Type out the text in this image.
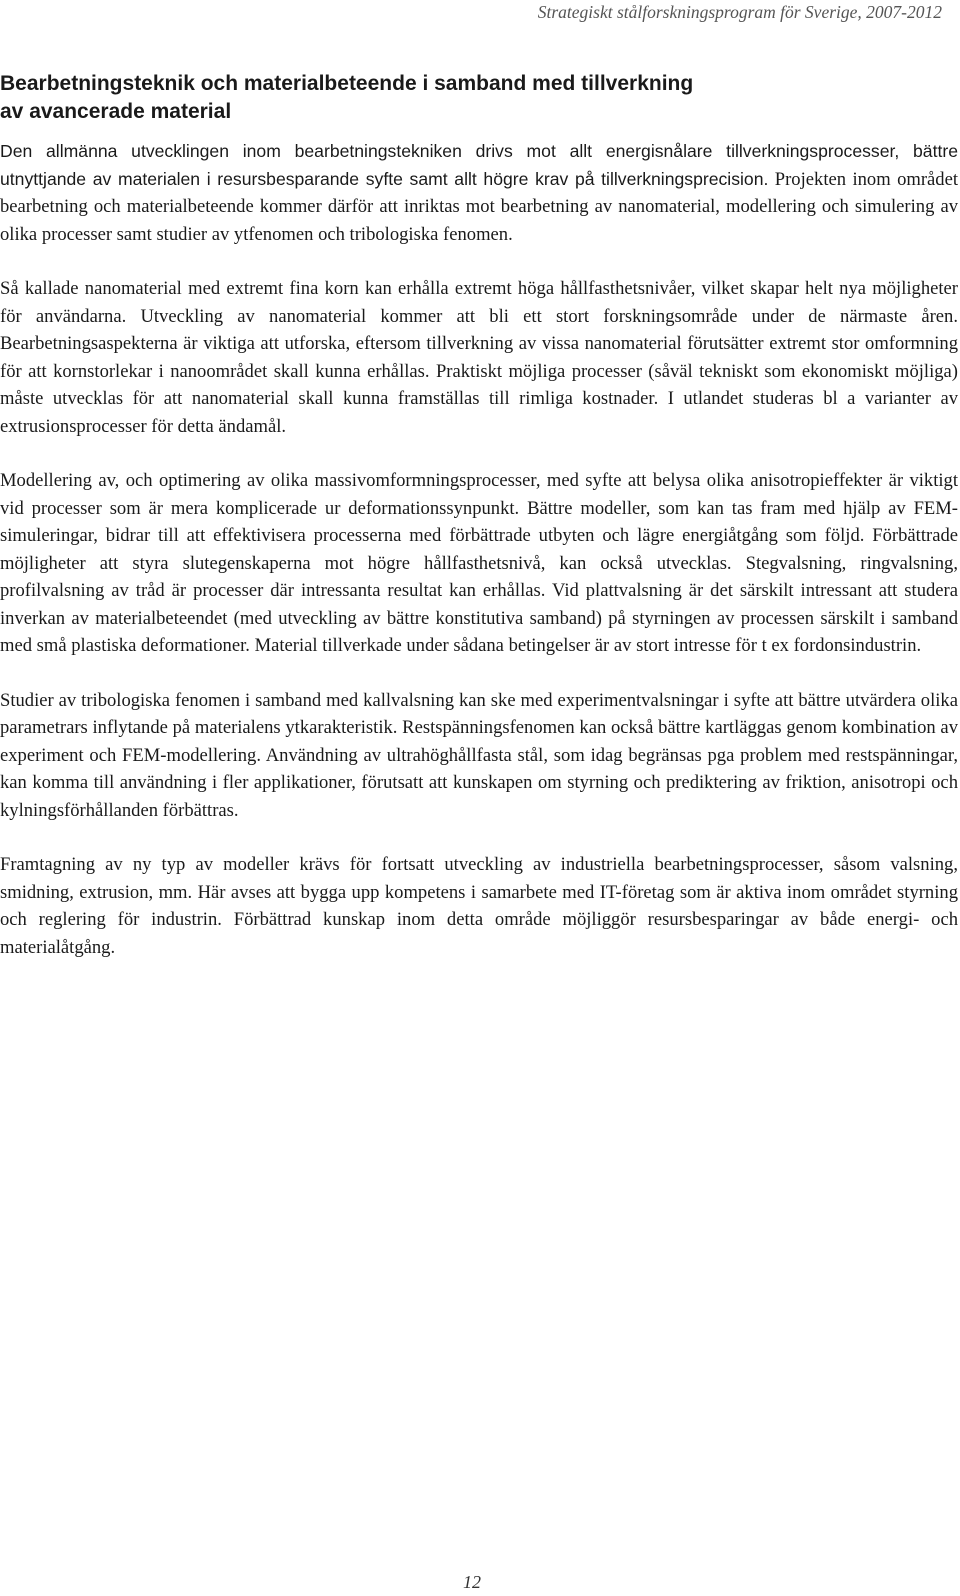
Strategiskt stålforskningsprogram för Sverige, 2007-2012
Bearbetningsteknik och materialbeteende i samband med tillverkning
av avancerade material

Den allmänna utvecklingen inom bearbetningstekniken drivs mot allt energisnålare tillverkningsprocesser, bättre utnyttjande av materialen i resursbesparande syfte samt allt högre krav på tillverkningsprecision. Projekten inom området bearbetning och materialbeteende kommer därför att inriktas mot bearbetning av nanomaterial, modellering och simulering av olika processer samt studier av ytfenomen och tribologiska fenomen.

Så kallade nanomaterial med extremt fina korn kan erhålla extremt höga hållfasthetsnivåer, vilket skapar helt nya möjligheter för användarna. Utveckling av nanomaterial kommer att bli ett stort forskningsområde under de närmaste åren. Bearbetningsaspekterna är viktiga att utforska, eftersom tillverkning av vissa nanomaterial förutsätter extremt stor omformning för att kornstorlekar i nanoområdet skall kunna erhållas. Praktiskt möjliga processer (såväl tekniskt som ekonomiskt möjliga) måste utvecklas för att nanomaterial skall kunna framställas till rimliga kostnader. I utlandet studeras bl a varianter av extrusionsprocesser för detta ändamål.

Modellering av, och optimering av olika massivomformningsprocesser, med syfte att belysa olika anisotropieffekter är viktigt vid processer som är mera komplicerade ur deformationssynpunkt. Bättre modeller, som kan tas fram med hjälp av FEM-simuleringar, bidrar till att effektivisera processerna med förbättrade utbyten och lägre energiåtgång som följd. Förbättrade möjligheter att styra slutegenskaperna mot högre hållfasthetsnivå, kan också utvecklas. Stegvalsning, ringvalsning, profilvalsning av tråd är processer där intressanta resultat kan erhållas. Vid plattvalsning är det särskilt intressant att studera inverkan av materialbeteendet (med utveckling av bättre konstitutiva samband) på styrningen av processen särskilt i samband med små plastiska deformationer. Material tillverkade under sådana betingelser är av stort intresse för t ex fordonsindustrin.

Studier av tribologiska fenomen i samband med kallvalsning kan ske med experimentvalsningar i syfte att bättre utvärdera olika parametrars inflytande på materialens ytkarakteristik. Restspänningsfenomen kan också bättre kartläggas genom kombination av experiment och FEM-modellering. Användning av ultrahöghållfasta stål, som idag begränsas pga problem med restspänningar, kan komma till användning i fler applikationer, förutsatt att kunskapen om styrning och prediktering av friktion, anisotropi och kylningsförhållanden förbättras.

Framtagning av ny typ av modeller krävs för fortsatt utveckling av industriella bearbetningsprocesser, såsom valsning, smidning, extrusion, mm. Här avses att bygga upp kompetens i samarbete med IT-företag som är aktiva inom området styrning och reglering för industrin. Förbättrad kunskap inom detta område möjliggör resursbesparingar av både energi- och materialåtgång.

12
